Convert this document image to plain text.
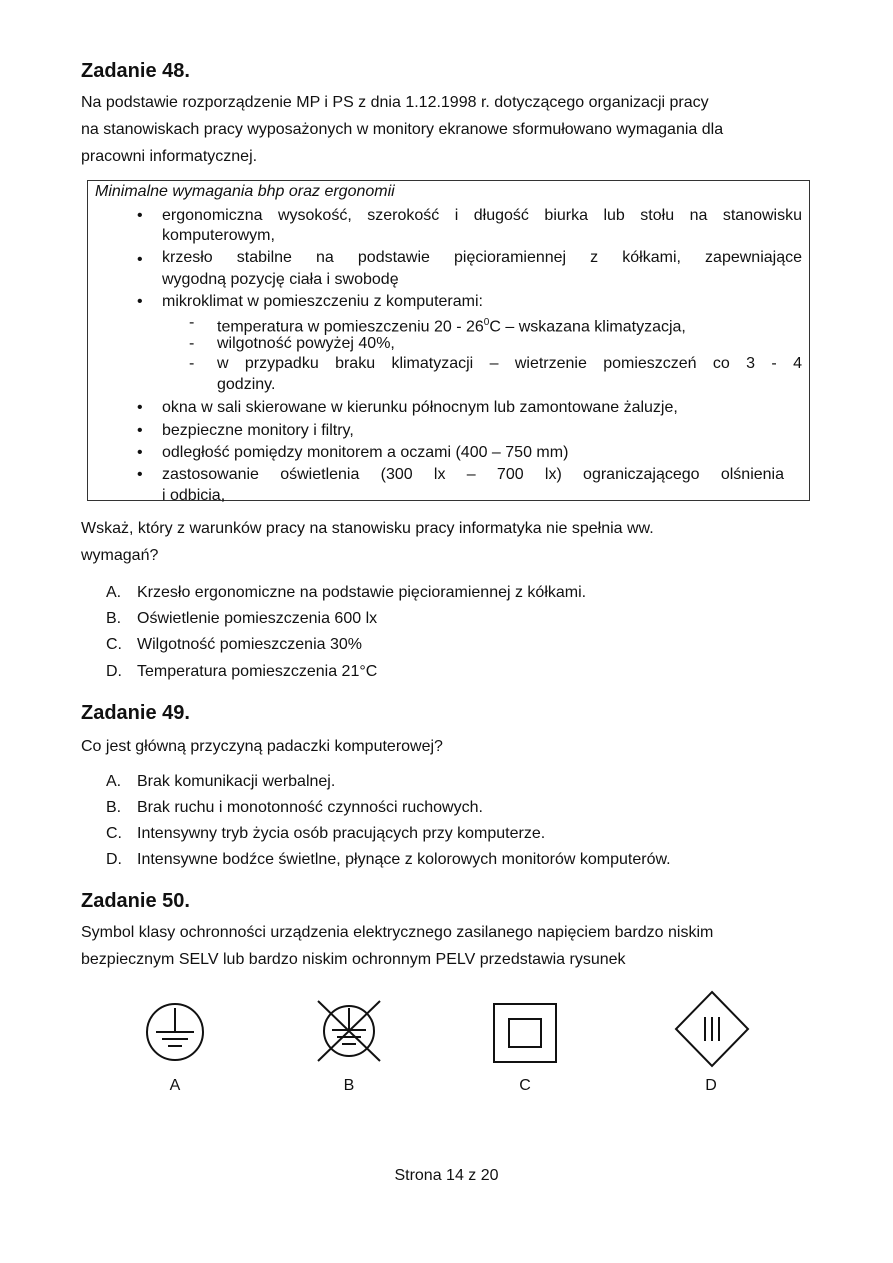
Zadanie 48.
Na podstawie rozporządzenie MP i PS z dnia 1.12.1998 r. dotyczącego organizacji pracy
na stanowiskach pracy wyposażonych w monitory ekranowe sformułowano wymagania dla
pracowni informatycznej.
Minimalne wymagania bhp oraz ergonomii
• ergonomiczna wysokość, szerokość i długość biurka lub stołu na stanowisku
komputerowym,
• krzesło stabilne na podstawie pięcioramiennej z kółkami, zapewniające
wygodną pozycję ciała i swobodę
• mikroklimat w pomieszczeniu z komputerami:
- temperatura w pomieszczeniu $20 - 26^0C$ – wskazana klimatyzacja,
- wilgotność powyżej 40%,
- w przypadku braku klimatyzacji – wietrzenie pomieszczeń co 3 - 4
godziny.
• okna w sali skierowane w kierunku północnym lub zamontowane żaluzje,
• bezpieczne monitory i filtry,
• odległość pomiędzy monitorem a oczami (400 – 750 mm)
• zastosowanie oświetlenia (300 lx – 700 lx) ograniczającego olśnienia
i odbicia,
Wskaż, który z warunków pracy na stanowisku pracy informatyka nie spełnia ww.
wymagań?
A. Krzesło ergonomiczne na podstawie pięcioramiennej z kółkami.
B. Oświetlenie pomieszczenia 600 lx
C. Wilgotność pomieszczenia 30%
D. Temperatura pomieszczenia 21°C
Zadanie 49.
Co jest główną przyczyną padaczki komputerowej?
A. Brak komunikacji werbalnej.
B. Brak ruchu i monotonność czynności ruchowych.
C. Intensywny tryb życia osób pracujących przy komputerze.
D. Intensywne bodźce świetlne, płynące z kolorowych monitorów komputerów.
Zadanie 50.
Symbol klasy ochronności urządzenia elektrycznego zasilanego napięciem bardzo niskim
bezpiecznym SELV lub bardzo niskim ochronnym PELV przedstawia rysunek
A	B	C	D
Strona 14 z 20
